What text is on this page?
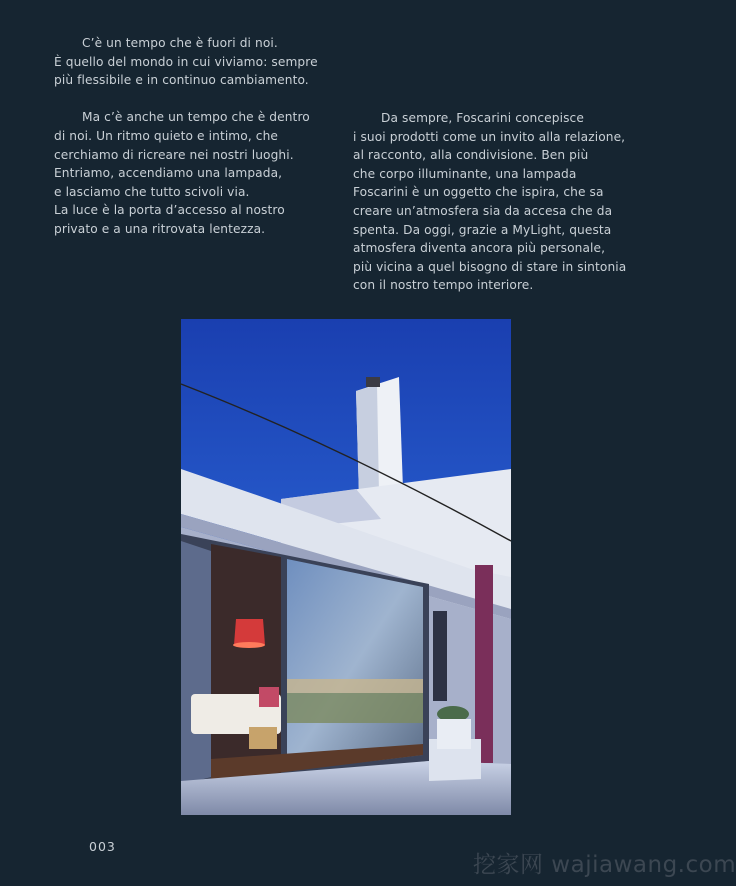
C’è un tempo che è fuori di noi.
È quello del mondo in cui viviamo: sempre
più flessibile e in continuo cambiamento.

Ma c’è anche un tempo che è dentro
di noi. Un ritmo quieto e intimo, che
cerchiamo di ricreare nei nostri luoghi.
Entriamo, accendiamo una lampada,
e lasciamo che tutto scivoli via.
La luce è la porta d’accesso al nostro
privato e a una ritrovata lentezza.

Da sempre, Foscarini concepisce
i suoi prodotti come un invito alla relazione,
al racconto, alla condivisione. Ben più
che corpo illuminante, una lampada
Foscarini è un oggetto che ispira, che sa
creare un’atmosfera sia da accesa che da
spenta. Da oggi, grazie a MyLight, questa
atmosfera diventa ancora più personale,
più vicina a quel bisogno di stare in sintonia
con il nostro tempo interiore.

003
挖家网 wajiawang.com
